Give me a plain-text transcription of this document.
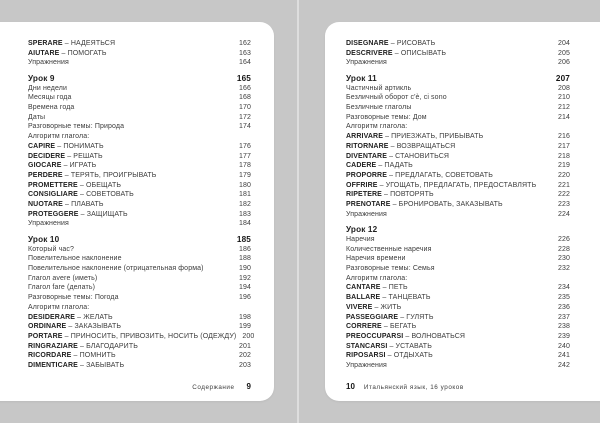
SPERARE – НАДЕЯТЬСЯ	162
AIUTARE – ПОМОГАТЬ	163
Упражнения	164
Урок 9	165
Дни недели	166
Месяцы года	168
Времена года	170
Даты	172
Разговорные темы: Природа	174
Алгоритм глагола:
CAPIRE – ПОНИМАТЬ	176
DECIDERE – РЕШАТЬ	177
GIOCARE – ИГРАТЬ	178
PERDERE – ТЕРЯТЬ, ПРОИГРЫВАТЬ	179
PROMETTERE – ОБЕЩАТЬ	180
CONSIGLIARE – СОВЕТОВАТЬ	181
NUOTARE – ПЛАВАТЬ	182
PROTEGGERE – ЗАЩИЩАТЬ	183
Упражнения	184
Урок 10	185
Который час?	186
Повелительное наклонение	188
Повелительное наклонение (отрицательная форма)	190
Глагол avere (иметь)	192
Глагол fare (делать)	194
Разговорные темы: Погода	196
Алгоритм глагола:
DESIDERARE – ЖЕЛАТЬ	198
ORDINARE – ЗАКАЗЫВАТЬ	199
PORTARE – ПРИНОСИТЬ, ПРИВОЗИТЬ, НОСИТЬ (ОДЕЖДУ) 200
RINGRAZIARE – БЛАГОДАРИТЬ	201
RICORDARE – ПОМНИТЬ	202
DIMENTICARE – ЗАБЫВАТЬ	203
Содержание 9
DISEGNARE – РИСОВАТЬ	204
DESCRIVERE – ОПИСЫВАТЬ	205
Упражнения	206
Урок 11	207
Частичный артикль	208
Безличный оборот c'è, ci sono	210
Безличные глаголы	212
Разговорные темы: Дом	214
Алгоритм глагола:
ARRIVARE – ПРИЕЗЖАТЬ, ПРИБЫВАТЬ	216
RITORNARE – ВОЗВРАЩАТЬСЯ	217
DIVENTARE – СТАНОВИТЬСЯ	218
CADERE – ПАДАТЬ	219
PROPORRE – ПРЕДЛАГАТЬ, СОВЕТОВАТЬ	220
OFFRIRE – УГОЩАТЬ, ПРЕДЛАГАТЬ, ПРЕДОСТАВЛЯТЬ	221
RIPETERE – ПОВТОРЯТЬ	222
PRENOTARE – БРОНИРОВАТЬ, ЗАКАЗЫВАТЬ	223
Упражнения	224
Урок 12
Наречия	226
Количественные наречия	228
Наречия времени	230
Разговорные темы: Семья	232
Алгоритм глагола:
CANTARE – ПЕТЬ	234
BALLARE – ТАНЦЕВАТЬ	235
VIVERE – ЖИТЬ	236
PASSEGGIARE – ГУЛЯТЬ	237
CORRERE – БЕГАТЬ	238
PREOCCUPARSI – ВОЛНОВАТЬСЯ	239
STANCARSI – УСТАВАТЬ	240
RIPOSARSI – ОТДЫХАТЬ	241
Упражнения	242
10 Итальянский язык, 16 уроков
